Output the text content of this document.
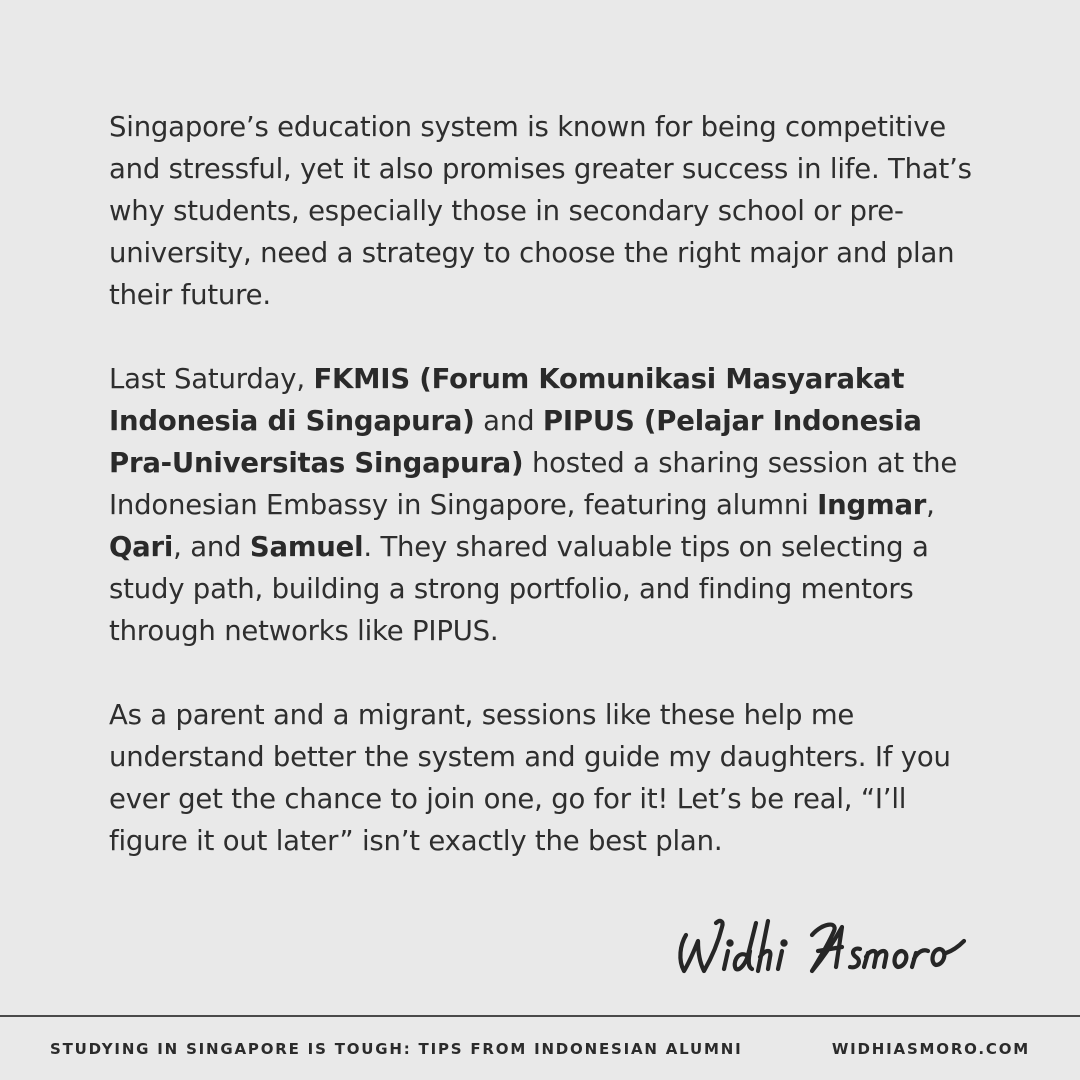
Singapore’s education system is known for being competitive and stressful, yet it also promises greater success in life. That’s why students, especially those in secondary school or pre-university, need a strategy to choose the right major and plan their future.

Last Saturday, FKMIS (Forum Komunikasi Masyarakat Indonesia di Singapura) and PIPUS (Pelajar Indonesia Pra-Universitas Singapura) hosted a sharing session at the Indonesian Embassy in Singapore, featuring alumni Ingmar, Qari, and Samuel. They shared valuable tips on selecting a study path, building a strong portfolio, and finding mentors through networks like PIPUS.

As a parent and a migrant, sessions like these help me understand better the system and guide my daughters. If you ever get the chance to join one, go for it! Let’s be real, “I’ll figure it out later” isn’t exactly the best plan.

STUDYING IN SINGAPORE IS TOUGH: TIPS FROM INDONESIAN ALUMNI	WIDHIASMORO.COM
